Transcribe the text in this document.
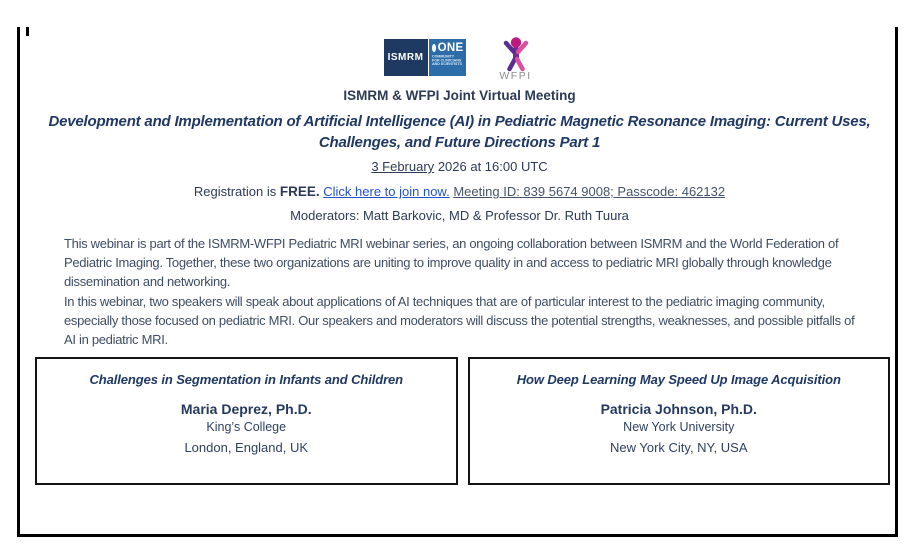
ISMRM
ONE
COMMUNITY
FOR CLINICIANS
AND SCIENTISTS
WFPI
ISMRM & WFPI Joint Virtual Meeting
Development and Implementation of Artificial Intelligence (AI) in Pediatric Magnetic Resonance Imaging: Current Uses, Challenges, and Future Directions Part 1
3 February 2026 at 16:00 UTC
Registration is FREE. Click here to join now. Meeting ID: 839 5674 9008; Passcode: 462132
Moderators: Matt Barkovic, MD & Professor Dr. Ruth Tuura
This webinar is part of the ISMRM-WFPI Pediatric MRI webinar series, an ongoing collaboration between ISMRM and the World Federation of Pediatric Imaging. Together, these two organizations are uniting to improve quality in and access to pediatric MRI globally through knowledge dissemination and networking.
In this webinar, two speakers will speak about applications of AI techniques that are of particular interest to the pediatric imaging community, especially those focused on pediatric MRI. Our speakers and moderators will discuss the potential strengths, weaknesses, and possible pitfalls of AI in pediatric MRI.
Challenges in Segmentation in Infants and Children
Maria Deprez, Ph.D.
King’s College
London, England, UK
How Deep Learning May Speed Up Image Acquisition
Patricia Johnson, Ph.D.
New York University
New York City, NY, USA
